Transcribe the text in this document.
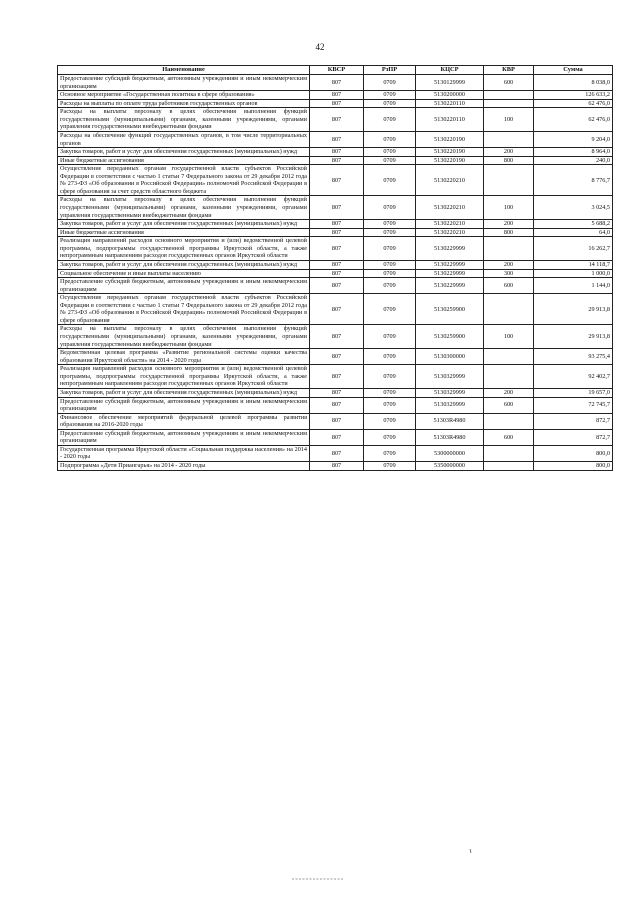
42
Наименование	КВСР	РзПР	КЦСР	КВР	Сумма
Предоставление субсидий бюджетным, автономным учреждениям и иным некоммерческим организациям	807	0709	5130129999	600	8 038,0
Основное мероприятие «Государственная политика в сфере образования»	807	0709	5130200000		126 633,2
Расходы на выплаты по оплате труда работников государственных органов	807	0709	5130220110		62 476,0
Расходы на выплаты персоналу в целях обеспечения выполнения функций государственными (муниципальными) органами, казенными учреждениями, органами управления государственными внебюджетными фондами	807	0709	5130220110	100	62 476,0
Расходы на обеспечение функций государственных органов, в том числе территориальных органов	807	0709	5130220190		9 204,0
Закупка товаров, работ и услуг для обеспечения государственных (муниципальных) нужд	807	0709	5130220190	200	8 964,0
Иные бюджетные ассигнования	807	0709	5130220190	800	240,0
Осуществление переданных органам государственной власти субъектов Российской Федерации в соответствии с частью 1 статьи 7 Федерального закона от 29 декабря 2012 года № 273-ФЗ «Об образовании в Российской Федерации» полномочий Российской Федерации в сфере образования за счет средств областного бюджета	807	0709	5130220210		8 776,7
Расходы на выплаты персоналу в целях обеспечения выполнения функций государственными (муниципальными) органами, казенными учреждениями, органами управления государственными внебюджетными фондами	807	0709	5130220210	100	3 024,5
Закупка товаров, работ и услуг для обеспечения государственных (муниципальных) нужд	807	0709	5130220210	200	5 688,2
Иные бюджетные ассигнования	807	0709	5130220210	800	64,0
Реализация направлений расходов основного мероприятия и (или) ведомственной целевой программы, подпрограммы государственной программы Иркутской области, а также непрограммным направлениям расходов государственных органов Иркутской области	807	0709	5130229999		16 262,7
Закупка товаров, работ и услуг для обеспечения государственных (муниципальных) нужд	807	0709	5130229999	200	14 118,7
Социальное обеспечение и иные выплаты населению	807	0709	5130229999	300	1 000,0
Предоставление субсидий бюджетным, автономным учреждениям и иным некоммерческим организациям	807	0709	5130229999	600	1 144,0
Осуществление переданных органам государственной власти субъектов Российской Федерации в соответствии с частью 1 статьи 7 Федерального закона от 29 декабря 2012 года № 273-ФЗ «Об образовании в Российской Федерации» полномочий Российской Федерации в сфере образования	807	0709	5130259900		29 913,8
Расходы на выплаты персоналу в целях обеспечения выполнения функций государственными (муниципальными) органами, казенными учреждениями, органами управления государственными внебюджетными фондами	807	0709	5130259900	100	29 913,8
Ведомственная целевая программа «Развитие региональной системы оценки качества образования Иркутской области» на 2014 - 2020 годы	807	0709	5130300000		93 275,4
Реализация направлений расходов основного мероприятия и (или) ведомственной целевой программы, подпрограммы государственной программы Иркутской области, а также непрограммным направлениям расходов государственных органов Иркутской области	807	0709	5130329999		92 402,7
Закупка товаров, работ и услуг для обеспечения государственных (муниципальных) нужд	807	0709	5130329999	200	19 657,0
Предоставление субсидий бюджетным, автономным учреждениям и иным некоммерческим организациям	807	0709	5130329999	600	72 745,7
Финансовое обеспечение мероприятий федеральной целевой программы развития образования на 2016-2020 годы	807	0709	51303R4980		872,7
Предоставление субсидий бюджетным, автономным учреждениям и иным некоммерческим организациям	807	0709	51303R4980	600	872,7
Государственная программа Иркутской области «Социальная поддержка населения» на 2014 - 2020 годы	807	0709	5300000000		800,0
Подпрограмма «Дети Приангарья» на 2014 - 2020 годы	807	0709	5350000000		800,0
